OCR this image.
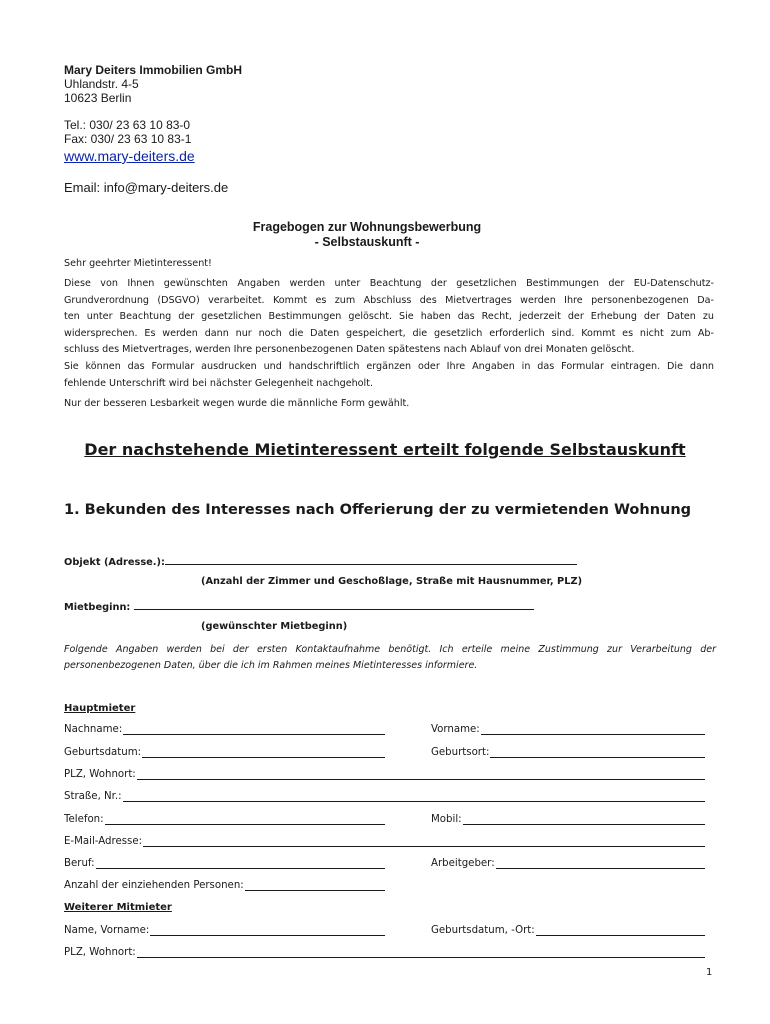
Mary Deiters Immobilien GmbH
Uhlandstr. 4-5
10623 Berlin
Tel.: 030/ 23 63 10 83-0
Fax: 030/ 23 63 10 83-1
www.mary-deiters.de
Email: info@mary-deiters.de
Fragebogen zur Wohnungsbewerbung
- Selbstauskunft -
Sehr geehrter Mietinteressent!
Diese von Ihnen gewünschten Angaben werden unter Beachtung der gesetzlichen Bestimmungen der EU-Datenschutz-
Grundverordnung (DSGVO) verarbeitet. Kommt es zum Abschluss des Mietvertrages werden Ihre personenbezogenen Da-
ten unter Beachtung der gesetzlichen Bestimmungen gelöscht. Sie haben das Recht, jederzeit der Erhebung der Daten zu
widersprechen. Es werden dann nur noch die Daten gespeichert, die gesetzlich erforderlich sind. Kommt es nicht zum Ab-
schluss des Mietvertrages, werden Ihre personenbezogenen Daten spätestens nach Ablauf von drei Monaten gelöscht.
Sie können das Formular ausdrucken und handschriftlich ergänzen oder Ihre Angaben in das Formular eintragen. Die dann
fehlende Unterschrift wird bei nächster Gelegenheit nachgeholt.
Nur der besseren Lesbarkeit wegen wurde die männliche Form gewählt.
Der nachstehende Mietinteressent erteilt folgende Selbstauskunft
1. Bekunden des Interesses nach Offerierung der zu vermietenden Wohnung
Objekt (Adresse.):
(Anzahl der Zimmer und Geschoßlage, Straße mit Hausnummer, PLZ)
Mietbeginn:
(gewünschter Mietbeginn)
Folgende Angaben werden bei der ersten Kontaktaufnahme benötigt. Ich erteile meine Zustimmung zur Verarbeitung der
personenbezogenen Daten, über die ich im Rahmen meines Mietinteresses informiere.
Hauptmieter
Nachname:	Vorname:
Geburtsdatum:	Geburtsort:
PLZ, Wohnort:
Straße, Nr.:
Telefon:	Mobil:
E-Mail-Adresse:
Beruf:	Arbeitgeber:
Anzahl der einziehenden Personen:
Weiterer Mitmieter
Name, Vorname:	Geburtsdatum, -Ort:
PLZ, Wohnort:
1
